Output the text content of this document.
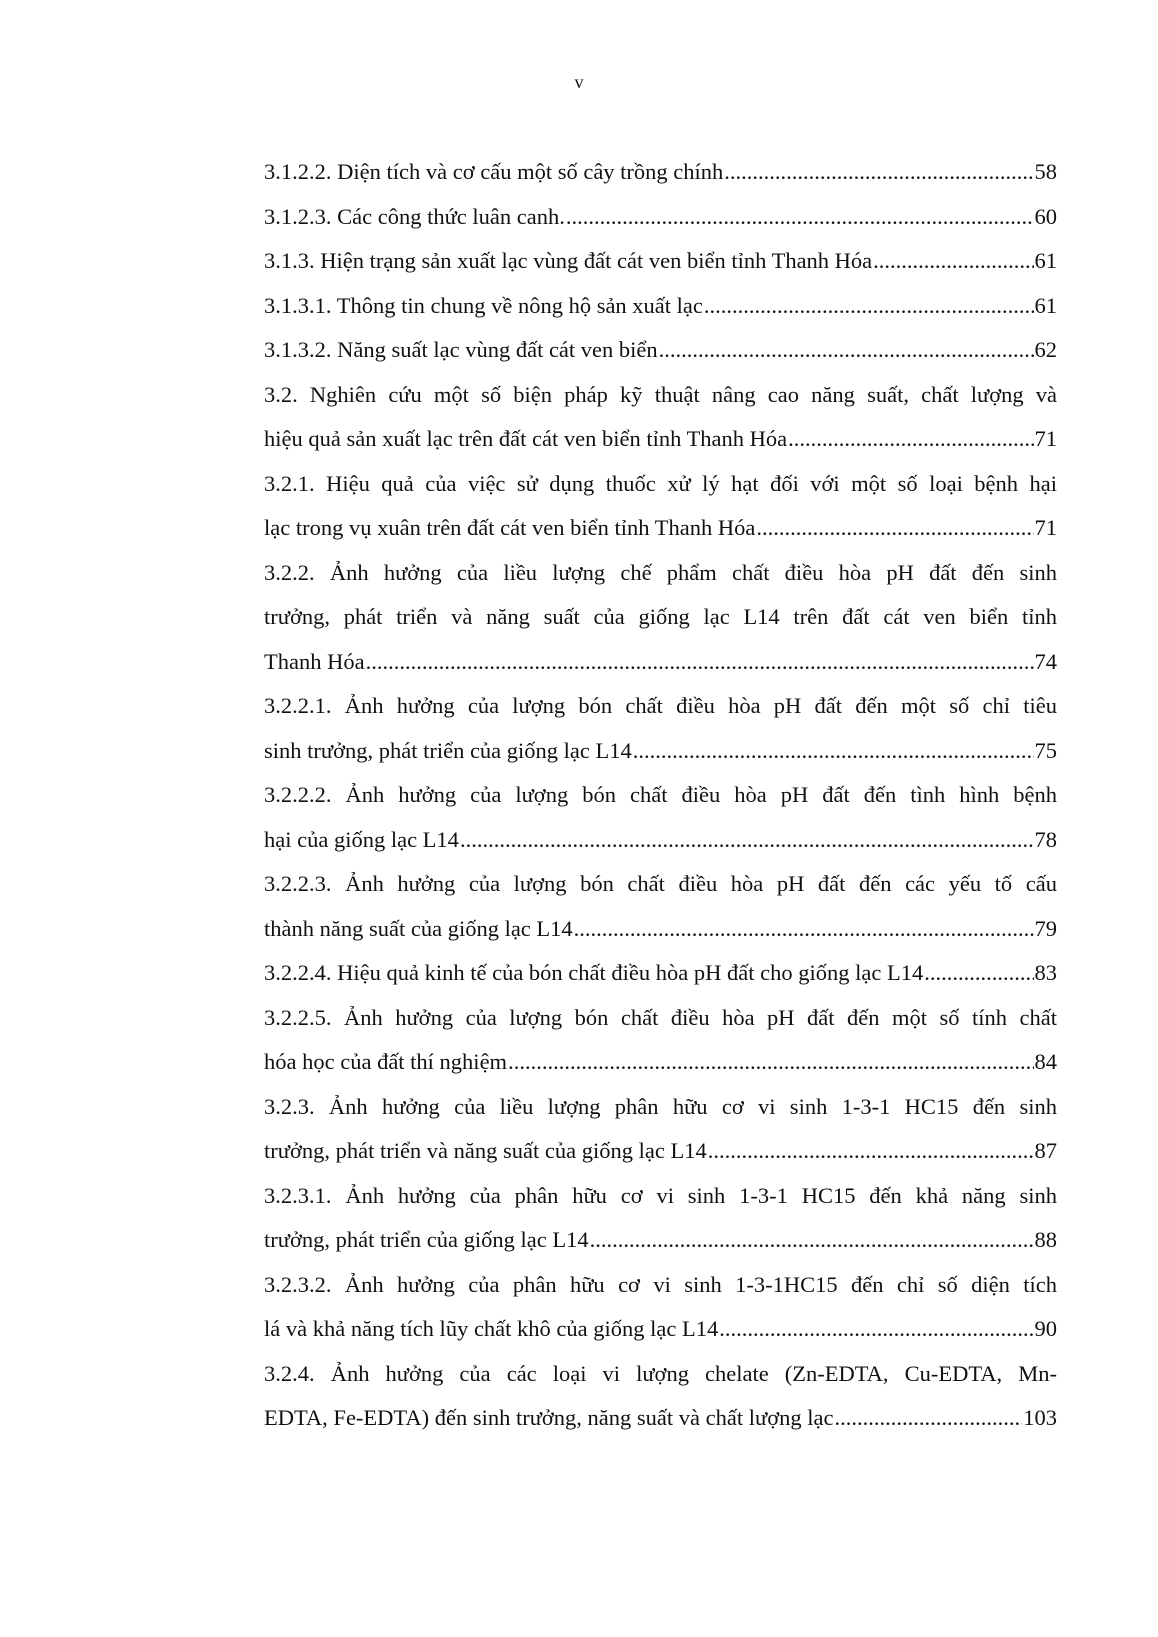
v
3.1.2.2. Diện tích và cơ cấu một số cây trồng chính .....	58
3.1.2.3. Các công thức luân canh. .....	60
3.1.3. Hiện trạng sản xuất lạc vùng đất cát ven biển tỉnh Thanh Hóa .....	61
3.1.3.1. Thông tin chung về nông hộ sản xuất lạc .....	61
3.1.3.2. Năng suất lạc vùng đất cát ven biển .....	62
3.2. Nghiên cứu một số biện pháp kỹ thuật nâng cao năng suất, chất lượng và
hiệu quả sản xuất lạc trên đất cát ven biển tỉnh Thanh Hóa .....	71
3.2.1. Hiệu quả của việc sử dụng thuốc xử lý hạt đối với một số loại bệnh hại
lạc trong vụ xuân trên đất cát ven biển tỉnh Thanh Hóa .....	71
3.2.2. Ảnh hưởng của liều lượng chế phẩm chất điều hòa pH đất đến sinh
trưởng, phát triển và năng suất của giống lạc L14 trên đất cát ven biển tỉnh
Thanh Hóa .....	74
3.2.2.1. Ảnh hưởng của lượng bón chất điều hòa pH đất đến một số chỉ tiêu
sinh trưởng, phát triển của giống lạc L14 .....	75
3.2.2.2. Ảnh hưởng của lượng bón chất điều hòa pH đất đến tình hình bệnh
hại của giống lạc L14 .....	78
3.2.2.3. Ảnh hưởng của lượng bón chất điều hòa pH đất đến các yếu tố cấu
thành năng suất của giống lạc L14 .....	79
3.2.2.4. Hiệu quả kinh tế của bón chất điều hòa pH đất cho giống lạc L14 .....	83
3.2.2.5. Ảnh hưởng của lượng bón chất điều hòa pH đất đến một số tính chất
hóa học của đất thí nghiệm .....	84
3.2.3. Ảnh hưởng của liều lượng phân hữu cơ vi sinh 1-3-1 HC15 đến sinh
trưởng, phát triển và năng suất của giống lạc L14 .....	87
3.2.3.1. Ảnh hưởng của phân hữu cơ vi sinh 1-3-1 HC15 đến khả năng sinh
trưởng, phát triển của giống lạc L14 .....	88
3.2.3.2. Ảnh hưởng của phân hữu cơ vi sinh 1-3-1HC15 đến chỉ số diện tích
lá và khả năng tích lũy chất khô của giống lạc L14 .....	90
3.2.4. Ảnh hưởng của các loại vi lượng chelate (Zn-EDTA, Cu-EDTA, Mn-
EDTA, Fe-EDTA) đến sinh trưởng, năng suất và chất lượng lạc .....	103
